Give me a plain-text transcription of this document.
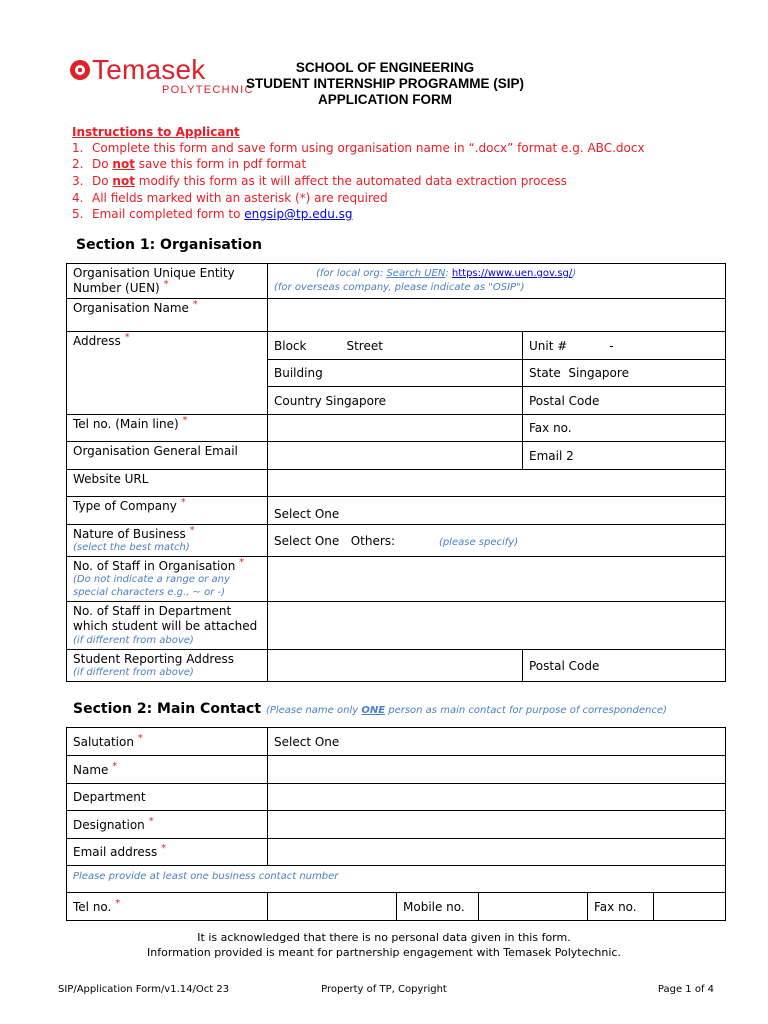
Temasek
POLYTECHNIC
SCHOOL OF ENGINEERING
STUDENT INTERNSHIP PROGRAMME (SIP)
APPLICATION FORM
Instructions to Applicant
1. Complete this form and save form using organisation name in “.docx” format e.g. ABC.docx
2. Do not save this form in pdf format
3. Do not modify this form as it will affect the automated data extraction process
4. All fields marked with an asterisk (*) are required
5. Email completed form to engsip@tp.edu.sg
Section 1: Organisation
Organisation Unique Entity Number (UEN) *	(for local org: Search UEN: https://www.uen.gov.sg/)
(for overseas company, please indicate as "OSIP")	

Organisation Name *	
Address *	Block Street	Unit # -
	Building	State Singapore
	Country Singapore	Postal Code
Tel no. (Main line) *		Fax no.
Organisation General Email		Email 2
Website URL		
Type of Company *	Select One	
Nature of Business *
(select the best match)	Select One Others: (please specify)	
No. of Staff in Organisation *
(Do not indicate a range or any special characters e.g., ~ or -)		

No. of Staff in Department which student will be attached
(if different from above)		

Student Reporting Address
(if different from above)		Postal Code
Section 2: Main Contact (Please name only ONE person as main contact for purpose of correspondence)
Salutation *	Select One				
Name *	
Department					
Designation *	
Email address *	
Please provide at least one business contact number					
Tel no. *		Mobile no.		Fax no.	
It is acknowledged that there is no personal data given in this form.
Information provided is meant for partnership engagement with Temasek Polytechnic.
SIP/Application Form/v1.14/Oct 23	Property of TP, Copyright	Page 1 of 4
